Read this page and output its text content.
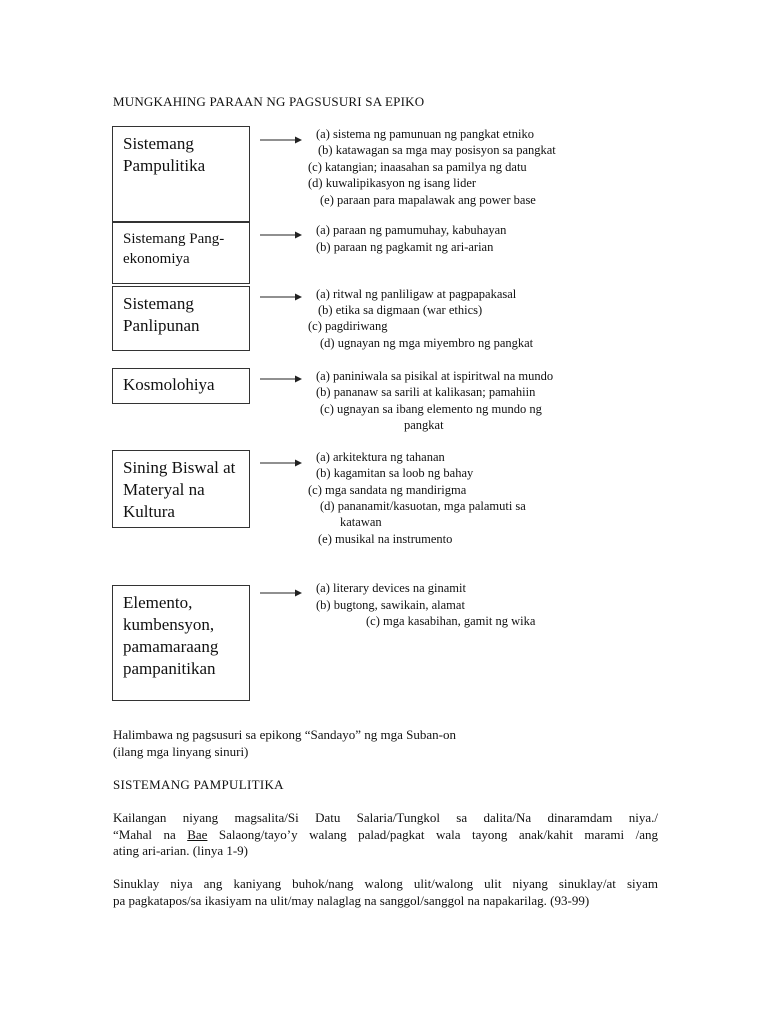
MUNGKAHING PARAAN NG PAGSUSURI SA EPIKO
Sistemang Pampulitika
(a) sistema ng pamunuan ng pangkat etniko
(b) katawagan sa mga may posisyon sa pangkat
(c) katangian; inaasahan sa pamilya ng datu
(d) kuwalipikasyon ng isang lider
(e) paraan para mapalawak ang power base
Sistemang Pang-ekonomiya
(a) paraan ng pamumuhay, kabuhayan
(b) paraan ng pagkamit ng ari-arian
Sistemang Panlipunan
(a) ritwal ng panliligaw at pagpapakasal
(b) etika sa digmaan (war ethics)
(c) pagdiriwang
(d) ugnayan ng mga miyembro ng pangkat
Kosmolohiya	(a) paniniwala sa pisikal at ispiritwal na mundo
(b) pananaw sa sarili at kalikasan; pamahiin
(c) ugnayan sa ibang elemento ng mundo ng
pangkat
Sining Biswal at Materyal na Kultura
(a) arkitektura ng tahanan
(b) kagamitan sa loob ng bahay
(c) mga sandata ng mandirigma
(d) pananamit/kasuotan, mga palamuti sa
katawan
(e) musikal na instrumento
Elemento, kumbensyon, pamamaraang pampanitikan
(a) literary devices na ginamit
(b) bugtong, sawikain, alamat
(c) mga kasabihan, gamit ng wika
Halimbawa ng pagsusuri sa epikong “Sandayo” ng mga Suban-on
(ilang mga linyang sinuri)
SISTEMANG PAMPULITIKA
Kailangan niyang magsalita/Si Datu Salaria/Tungkol sa dalita/Na dinaramdam niya./
“Mahal na Bae Salaong/tayo’y walang palad/pagkat wala tayong anak/kahit marami /ang
ating ari-arian. (linya 1-9)
Sinuklay niya ang kaniyang buhok/nang walong ulit/walong ulit niyang sinuklay/at siyam
pa pagkatapos/sa ikasiyam na ulit/may nalaglag na sanggol/sanggol na napakarilag. (93-99)
